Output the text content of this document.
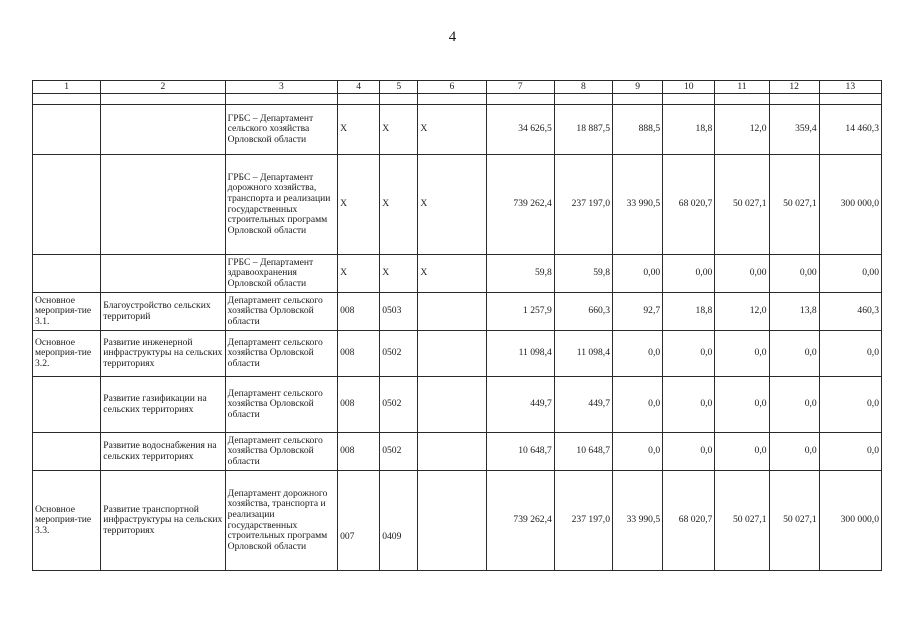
4
1	2	3	4	5	6	7	8	9	10	11	12	13

		ГРБС – Департамент сельского хозяйства Орловской области	Х	Х	Х	34 626,5	18 887,5	888,5	18,8	12,0	359,4	14 460,3
		ГРБС – Департамент дорожного хозяйства, транспорта и реализации государственных строительных программ Орловской области	Х	Х	Х	739 262,4	237 197,0	33 990,5	68 020,7	50 027,1	50 027,1	300 000,0
		ГРБС – Департамент здравоохранения Орловской области	Х	Х	Х	59,8	59,8	0,00	0,00	0,00	0,00	0,00
Основное мероприя-тие 3.1.	Благоустройство сельских территорий	Департамент сельского хозяйства Орловской области	008	0503		1 257,9	660,3	92,7	18,8	12,0	13,8	460,3
Основное мероприя-тие 3.2.	Развитие инженерной инфраструктуры на сельских территориях	Департамент сельского хозяйства Орловской области	008	0502		11 098,4	11 098,4	0,0	0,0	0,0	0,0	0,0
	Развитие газификации на сельских территориях	Департамент сельского хозяйства Орловской области	008	0502		449,7	449,7	0,0	0,0	0,0	0,0	0,0
	Развитие водоснабжения на сельских территориях	Департамент сельского хозяйства Орловской области	008	0502		10 648,7	10 648,7	0,0	0,0	0,0	0,0	0,0
Основное мероприя-тие 3.3.	Развитие транспортной инфраструктуры на сельских территориях	Департамент дорожного хозяйства, транспорта и реализации государственных строительных программ Орловской области	007	0409		739 262,4	237 197,0	33 990,5	68 020,7	50 027,1	50 027,1	300 000,0
